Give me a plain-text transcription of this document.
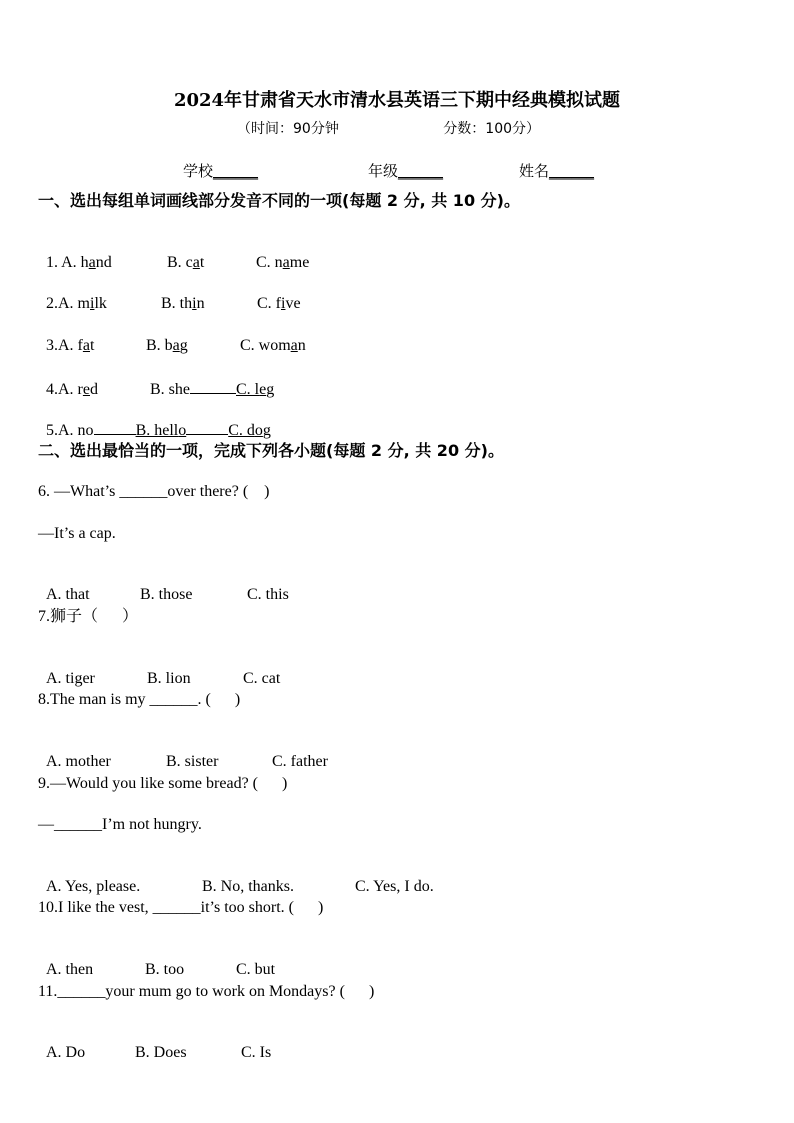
2024年甘肃省天水市清水县英语三下期中经典模拟试题
（时间：90分钟	分数：100分）
学校______	年级______	姓名______
一、选出每组单词画线部分发音不同的一项(每题 2 分, 共 10 分)。

1. A. hand	B. cat	C. name

2.A. milk	B. thin	C. five

3.A. fat	B. bag	C. woman

4.A. red	B. she	C. leg

5.A. no	B. hello	C. dog

二、选出最恰当的一项，完成下列各小题(每题 2 分, 共 20 分)。
6. —What’s ______over there? (    )
—It’s a cap.

A. that	B. those	C. this

7.狮子（      ）

A. tiger	B. lion	C. cat

8.The man is my ______. (      )

A. mother	B. sister	C. father

9.—Would you like some bread? (      )
—______I’m not hungry.

A. Yes, please.	B. No, thanks.	C. Yes, I do.

10.I like the vest, ______it’s too short. (      )

A. then	B. too	C. but

11.______your mum go to work on Mondays? (      )

A. Do	B. Does	C. Is
